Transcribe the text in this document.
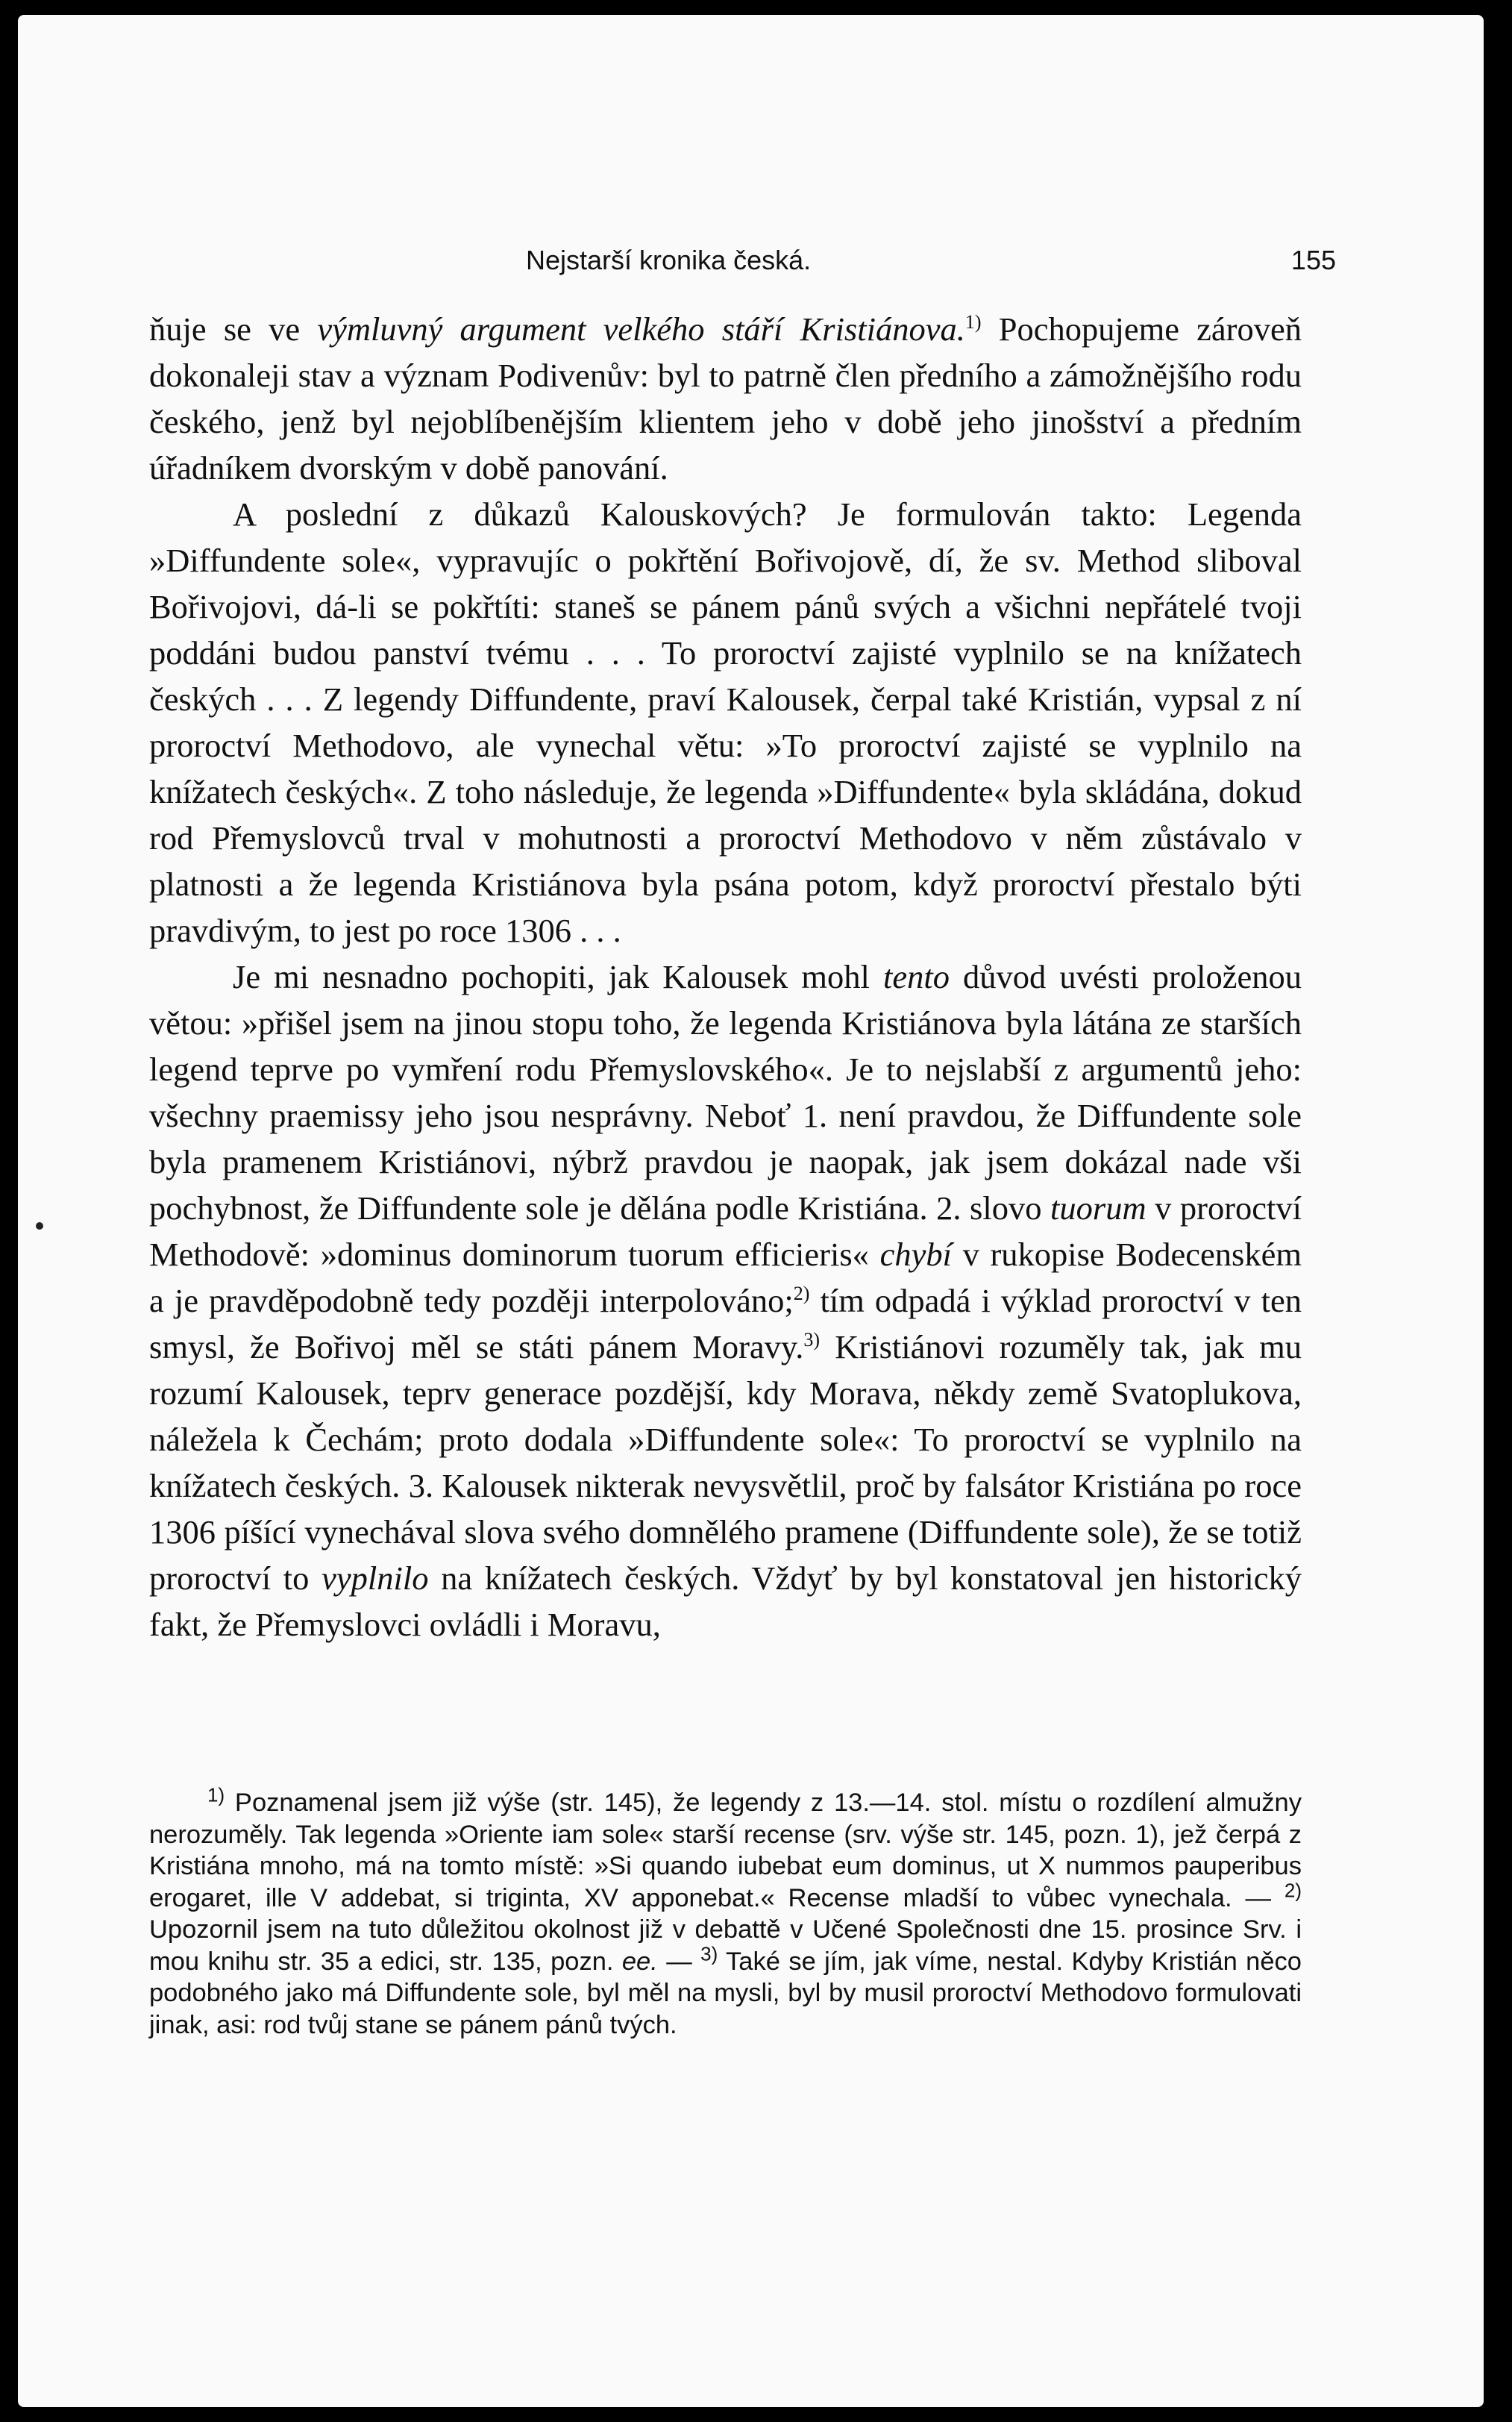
Nejstarší kronika česká.	155

ňuje se ve výmluvný argument velkého stáří Kristiánova.$^{1)}$ Pochopujeme zároveň dokonaleji stav a význam Podivenův: byl to patrně člen předního a zámožnějšího rodu českého, jenž byl nejoblíbenějším klientem jeho v době jeho jinošství a předním úřadníkem dvorským v době panování.

A poslední z důkazů Kalouskových? Je formulován takto: Legenda »Diffundente sole«, vypravujíc o pokřtění Bořivojově, dí, že sv. Method sliboval Bořivojovi, dá-li se pokřtíti: staneš se pánem pánů svých a všichni nepřátelé tvoji poddáni budou panství tvému . . . To proroctví zajisté vyplnilo se na knížatech českých . . . Z legendy Diffundente, praví Kalousek, čerpal také Kristián, vypsal z ní proroctví Methodovo, ale vynechal větu: »To proroctví zajisté se vyplnilo na knížatech českých«. Z toho následuje, že legenda »Diffundente« byla skládána, dokud rod Přemyslovců trval v mohutnosti a proroctví Methodovo v něm zůstávalo v platnosti a že legenda Kristiánova byla psána potom, když proroctví přestalo býti pravdivým, to jest po roce 1306 . . .

Je mi nesnadno pochopiti, jak Kalousek mohl tento důvod uvésti proloženou větou: »přišel jsem na jinou stopu toho, že legenda Kristiánova byla látána ze starších legend teprve po vymření rodu Přemyslovského«. Je to nejslabší z argumentů jeho: všechny praemissy jeho jsou nesprávny. Neboť 1. není pravdou, že Diffundente sole byla pramenem Kristiánovi, nýbrž pravdou je naopak, jak jsem dokázal nade vši pochybnost, že Diffundente sole je dělána podle Kristiána. 2. slovo tuorum v proroctví Methodově: »dominus dominorum tuorum efficieris« chybí v rukopise Bodecenském a je pravděpodobně tedy později interpolováno;$^{2)}$ tím odpadá i výklad proroctví v ten smysl, že Bořivoj měl se státi pánem Moravy.$^{3)}$ Kristiánovi rozuměly tak, jak mu rozumí Kalousek, teprv generace pozdější, kdy Morava, někdy země Svatoplukova, náležela k Čechám; proto dodala »Diffundente sole«: To proroctví se vyplnilo na knížatech českých. 3. Kalousek nikterak nevysvětlil, proč by falsátor Kristiána po roce 1306 píšící vynechával slova svého domnělého pramene (Diffundente sole), že se totiž proroctví to vyplnilo na knížatech českých. Vždyť by byl konstatoval jen historický fakt, že Přemyslovci ovládli i Moravu,

$^{1)}$ Poznamenal jsem již výše (str. 145), že legendy z 13.—14. stol. místu o rozdílení almužny nerozuměly. Tak legenda »Oriente iam sole« starší recense (srv. výše str. 145, pozn. 1), jež čerpá z Kristiána mnoho, má na tomto místě: »Si quando iubebat eum dominus, ut X nummos pauperibus erogaret, ille V addebat, si triginta, XV apponebat.« Recense mladší to vůbec vynechala. — $^{2)}$ Upozornil jsem na tuto důležitou okolnost již v debattě v Učené Společnosti dne 15. prosince Srv. i mou knihu str. 35 a edici, str. 135, pozn. ee. — $^{3)}$ Také se jím, jak víme, nestal. Kdyby Kristián něco podobného jako má Diffundente sole, byl měl na mysli, byl by musil proroctví Methodovo formulovati jinak, asi: rod tvůj stane se pánem pánů tvých.
